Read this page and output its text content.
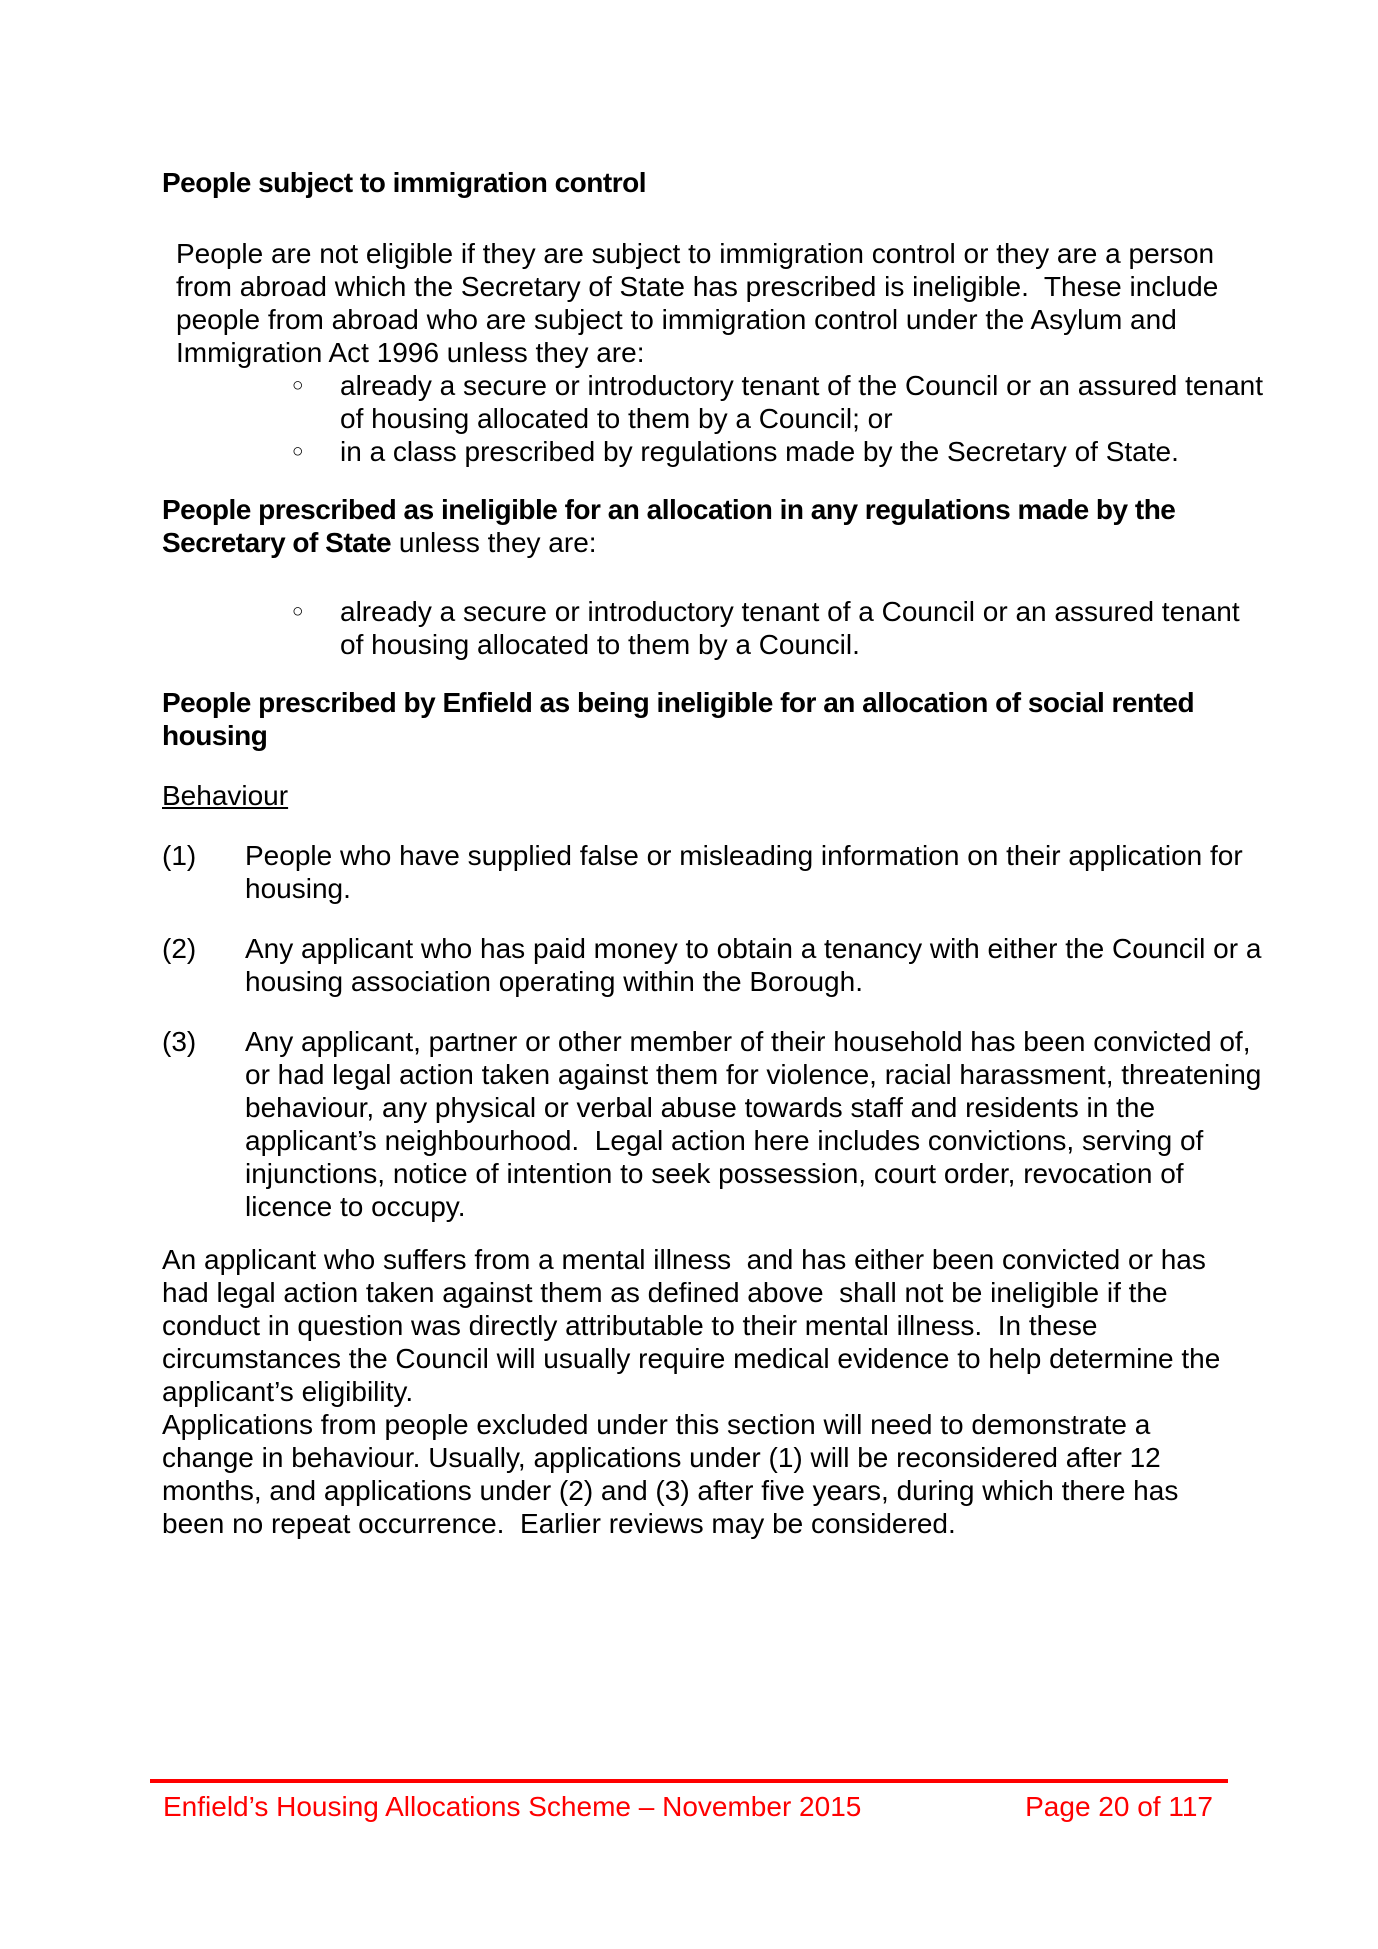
People subject to immigration control

People are not eligible if they are subject to immigration control or they are a person from abroad which the Secretary of State has prescribed is ineligible.  These include people from abroad who are subject to immigration control under the Asylum and Immigration Act 1996 unless they are:

○	already a secure or introductory tenant of the Council or an assured tenant of housing allocated to them by a Council; or
○	in a class prescribed by regulations made by the Secretary of State.
People prescribed as ineligible for an allocation in any regulations made by the Secretary of State unless they are:
○	already a secure or introductory tenant of a Council or an assured tenant of housing allocated to them by a Council.
People prescribed by Enfield as being ineligible for an allocation of social rented housing

Behaviour

(1)	People who have supplied false or misleading information on their application for housing.
(2)	Any applicant who has paid money to obtain a tenancy with either the Council or a housing association operating within the Borough.
(3)	Any applicant, partner or other member of their household has been convicted of, or had legal action taken against them for violence, racial harassment, threatening behaviour, any physical or verbal abuse towards staff and residents in the applicant’s neighbourhood.  Legal action here includes convictions, serving of injunctions, notice of intention to seek possession, court order, revocation of licence to occupy.

An applicant who suffers from a mental illness  and has either been convicted or has had legal action taken against them as defined above  shall not be ineligible if the conduct in question was directly attributable to their mental illness.  In these circumstances the Council will usually require medical evidence to help determine the applicant’s eligibility.

Applications from people excluded under this section will need to demonstrate a change in behaviour. Usually, applications under (1) will be reconsidered after 12 months, and applications under (2) and (3) after five years, during which there has been no repeat occurrence.  Earlier reviews may be considered.

Enfield’s Housing Allocations Scheme – November 2015	Page 20 of 117
